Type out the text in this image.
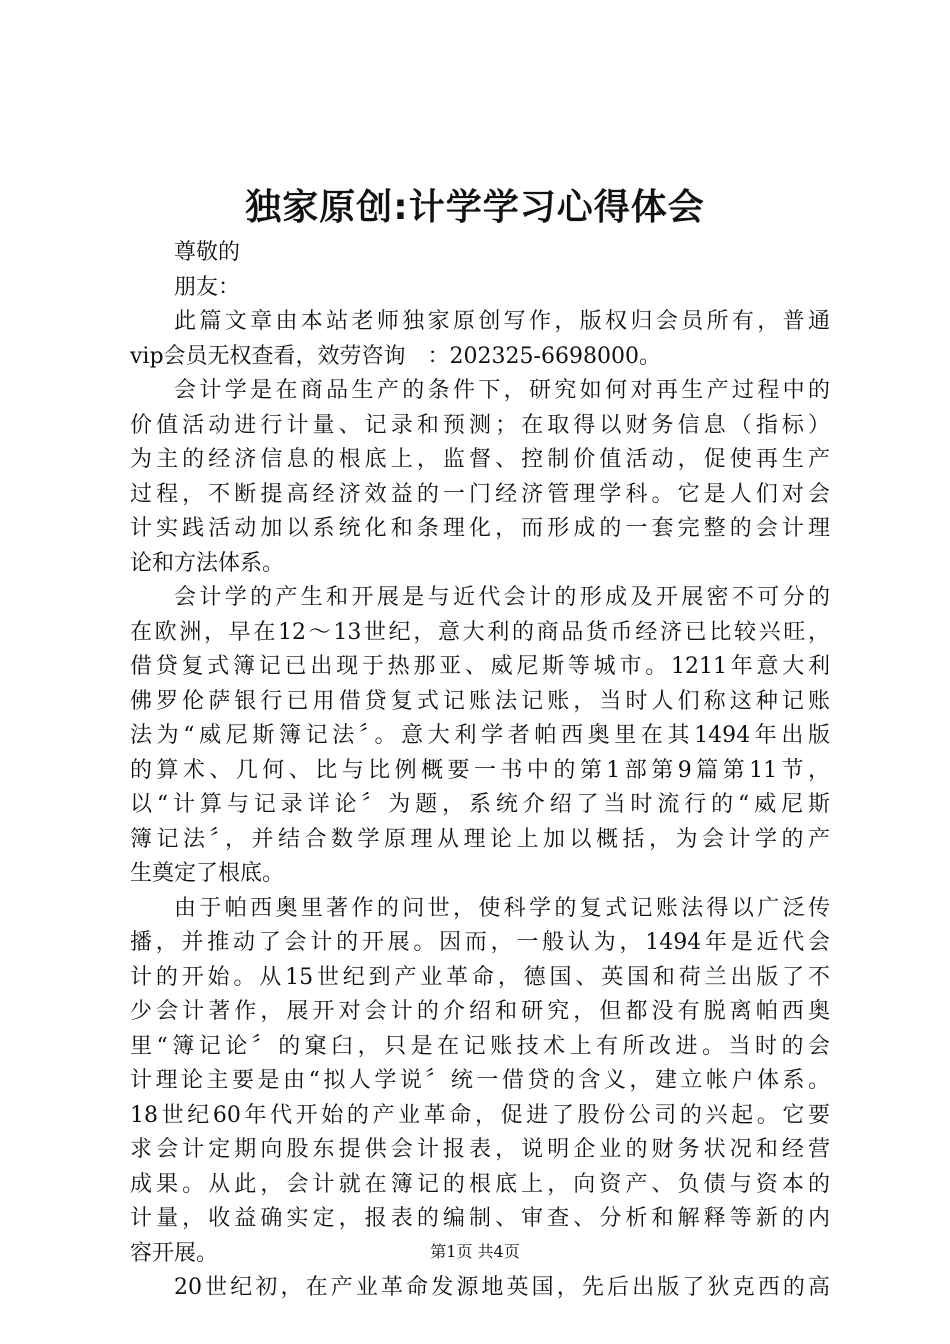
独家原创:计学学习心得体会
尊敬的
朋友：
此篇文章由本站老师独家原创写作，版权归会员所有，普通
vip会员无权查看，效劳咨询　：202325-6698000。
会计学是在商品生产的条件下，研究如何对再生产过程中的
价值活动进行计量、记录和预测；在取得以财务信息（指标）
为主的经济信息的根底上，监督、控制价值活动，促使再生产
过程，不断提高经济效益的一门经济管理学科。它是人们对会
计实践活动加以系统化和条理化，而形成的一套完整的会计理
论和方法体系。
会计学的产生和开展是与近代会计的形成及开展密不可分的
在欧洲，早在12～13世纪，意大利的商品货币经济已比较兴旺，
借贷复式簿记已出现于热那亚、威尼斯等城市。1211年意大利
佛罗伦萨银行已用借贷复式记账法记账，当时人们称这种记账
法为“威尼斯簿记法〞。意大利学者帕西奥里在其1494年出版
的算术、几何、比与比例概要一书中的第1部第9篇第11节，
以“计算与记录详论〞为题，系统介绍了当时流行的“威尼斯
簿记法〞，并结合数学原理从理论上加以概括，为会计学的产
生奠定了根底。
由于帕西奥里著作的问世，使科学的复式记账法得以广泛传
播，并推动了会计的开展。因而，一般认为，1494年是近代会
计的开始。从15世纪到产业革命，德国、英国和荷兰出版了不
少会计著作，展开对会计的介绍和研究，但都没有脱离帕西奥
里“簿记论〞的窠臼，只是在记账技术上有所改进。当时的会
计理论主要是由“拟人学说〞统一借贷的含义，建立帐户体系。
18世纪60年代开始的产业革命，促进了股份公司的兴起。它要
求会计定期向股东提供会计报表，说明企业的财务状况和经营
成果。从此，会计就在簿记的根底上，向资产、负债与资本的
计量，收益确实定，报表的编制、审查、分析和解释等新的内
容开展。
20世纪初，在产业革命发源地英国，先后出版了狄克西的高
第1页 共4页
